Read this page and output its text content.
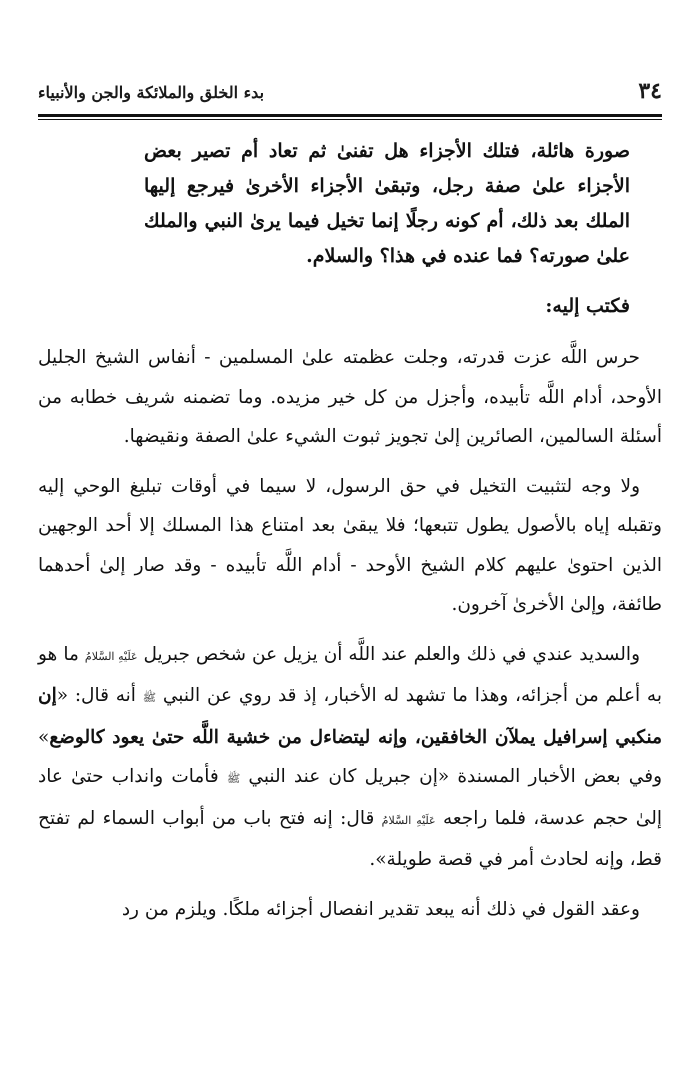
٣٤
بدء الخلق والملائكة والجن والأنبياء
صورة هائلة، فتلك الأجزاء هل تفنىٰ ثم تعاد أم تصير بعض الأجزاء علىٰ صفة رجل، وتبقىٰ الأجزاء الأخرىٰ فيرجع إليها الملك بعد ذلك، أم كونه رجلًا إنما تخيل فيما يرىٰ النبي والملك علىٰ صورته؟ فما عنده في هذا؟ والسلام.
فكتب إليه:

حرس اللَّه عزت قدرته، وجلت عظمته علىٰ المسلمين - أنفاس الشيخ الجليل الأوحد، أدام اللَّه تأبيده، وأجزل من كل خير مزيده. وما تضمنه شريف خطابه من أسئلة السالمين، الصائرين إلىٰ تجويز ثبوت الشيء علىٰ الصفة ونقيضها.

ولا وجه لتثبيت التخيل في حق الرسول، لا سيما في أوقات تبليغ الوحي إليه وتقبله إياه بالأصول يطول تتبعها؛ فلا يبقىٰ بعد امتناع هذا المسلك إلا أحد الوجهين الذين احتوىٰ عليهم كلام الشيخ الأوحد - أدام اللَّه تأبيده - وقد صار إلىٰ أحدهما طائفة، وإلىٰ الأخرىٰ آخرون.

والسديد عندي في ذلك والعلم عند اللَّه أن يزيل عن شخص جبريل عَلَيْهِ السَّلامُ ما هو به أعلم من أجزائه، وهذا ما تشهد له الأخبار، إذ قد روي عن النبي ﷺ أنه قال: «إن منكبي إسرافيل يملآن الخافقين، وإنه ليتضاءل من خشية اللَّه حتىٰ يعود كالوضع» وفي بعض الأخبار المسندة «إن جبريل كان عند النبي ﷺ فأمات وانداب حتىٰ عاد إلىٰ حجم عدسة، فلما راجعه عَلَيْهِ السَّلامُ قال: إنه فتح باب من أبواب السماء لم تفتح قط، وإنه لحادث أمر في قصة طويلة».

وعقد القول في ذلك أنه يبعد تقدير انفصال أجزائه ملكًا. ويلزم من رد
